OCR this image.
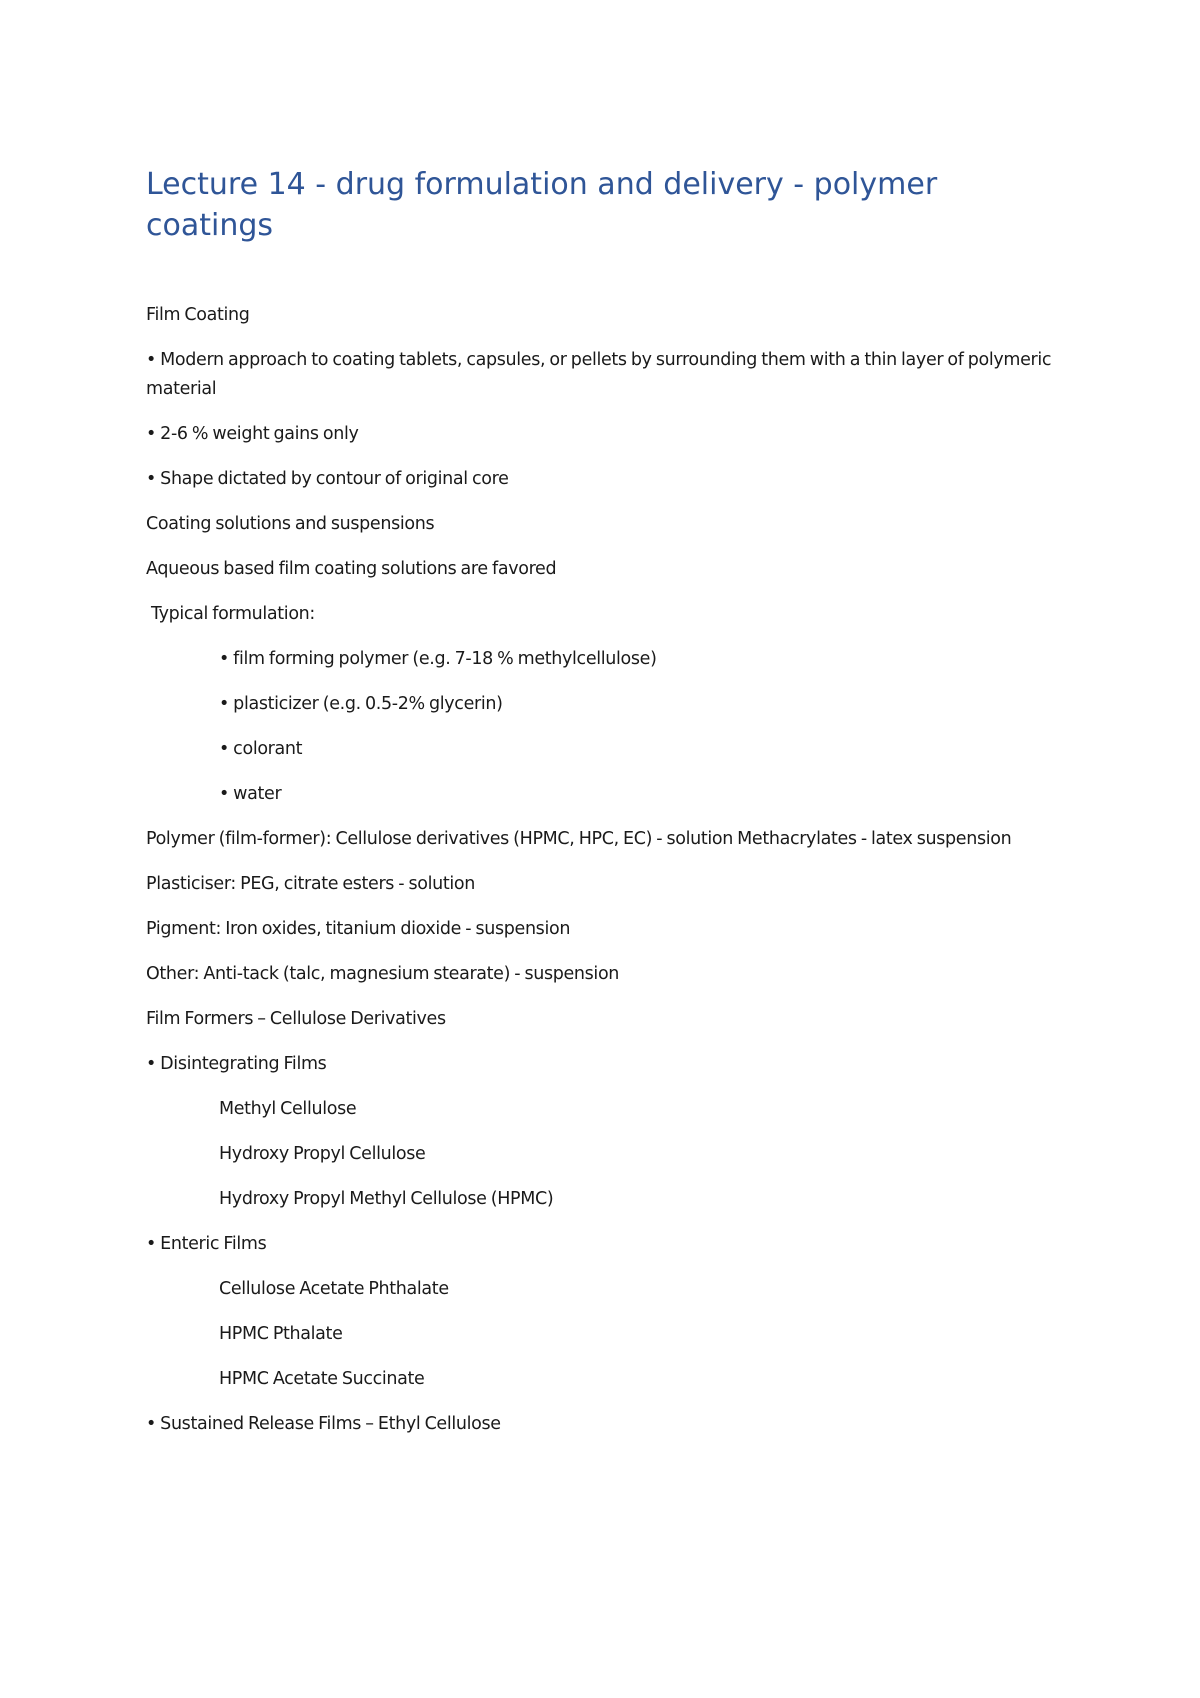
Lecture 14 - drug formulation and delivery - polymer coatings

Film Coating

• Modern approach to coating tablets, capsules, or pellets by surrounding them with a thin layer of polymeric material

• 2-6 % weight gains only

• Shape dictated by contour of original core

Coating solutions and suspensions

Aqueous based film coating solutions are favored

Typical formulation:

• film forming polymer (e.g. 7-18 % methylcellulose)

• plasticizer (e.g. 0.5-2% glycerin)

• colorant

• water

Polymer (film-former): Cellulose derivatives (HPMC, HPC, EC) - solution Methacrylates - latex suspension

Plasticiser: PEG, citrate esters - solution

Pigment: Iron oxides, titanium dioxide - suspension

Other: Anti-tack (talc, magnesium stearate) - suspension

Film Formers – Cellulose Derivatives

• Disintegrating Films

Methyl Cellulose

Hydroxy Propyl Cellulose

Hydroxy Propyl Methyl Cellulose (HPMC)

• Enteric Films

Cellulose Acetate Phthalate

HPMC Pthalate

HPMC Acetate Succinate

• Sustained Release Films – Ethyl Cellulose
